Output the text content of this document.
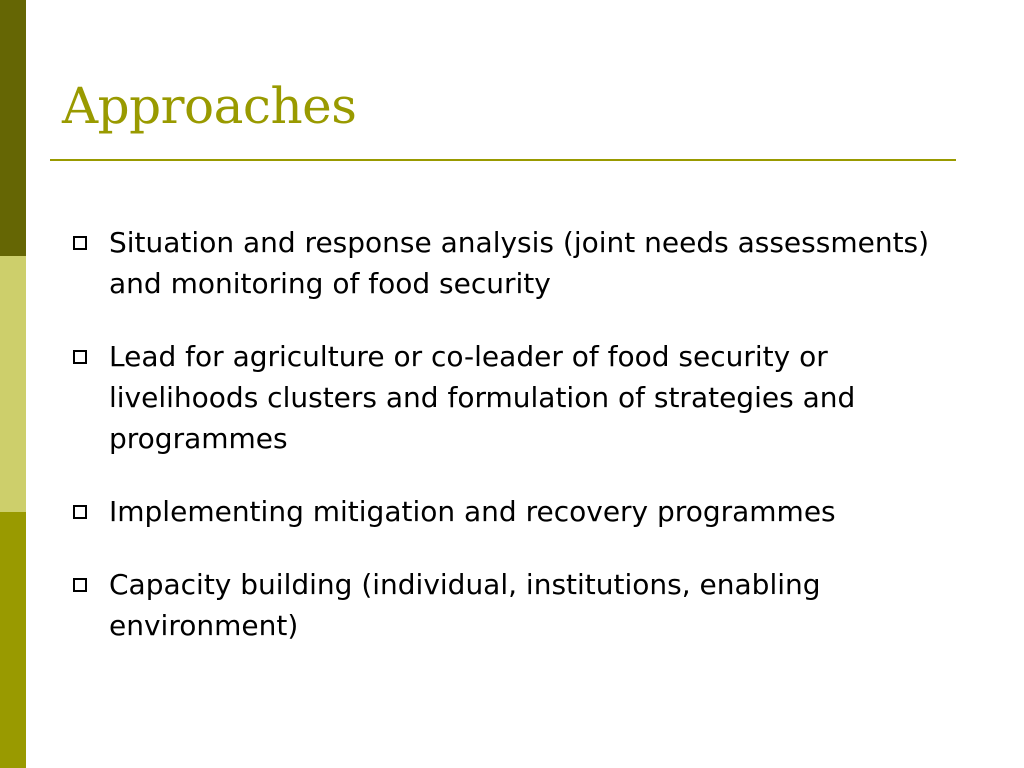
Approaches
Situation and response analysis (joint needs assessments) and monitoring of food security
Lead for agriculture or co-leader of food security or livelihoods clusters and formulation of strategies and programmes
Implementing mitigation and recovery programmes
Capacity building (individual, institutions, enabling environment)
